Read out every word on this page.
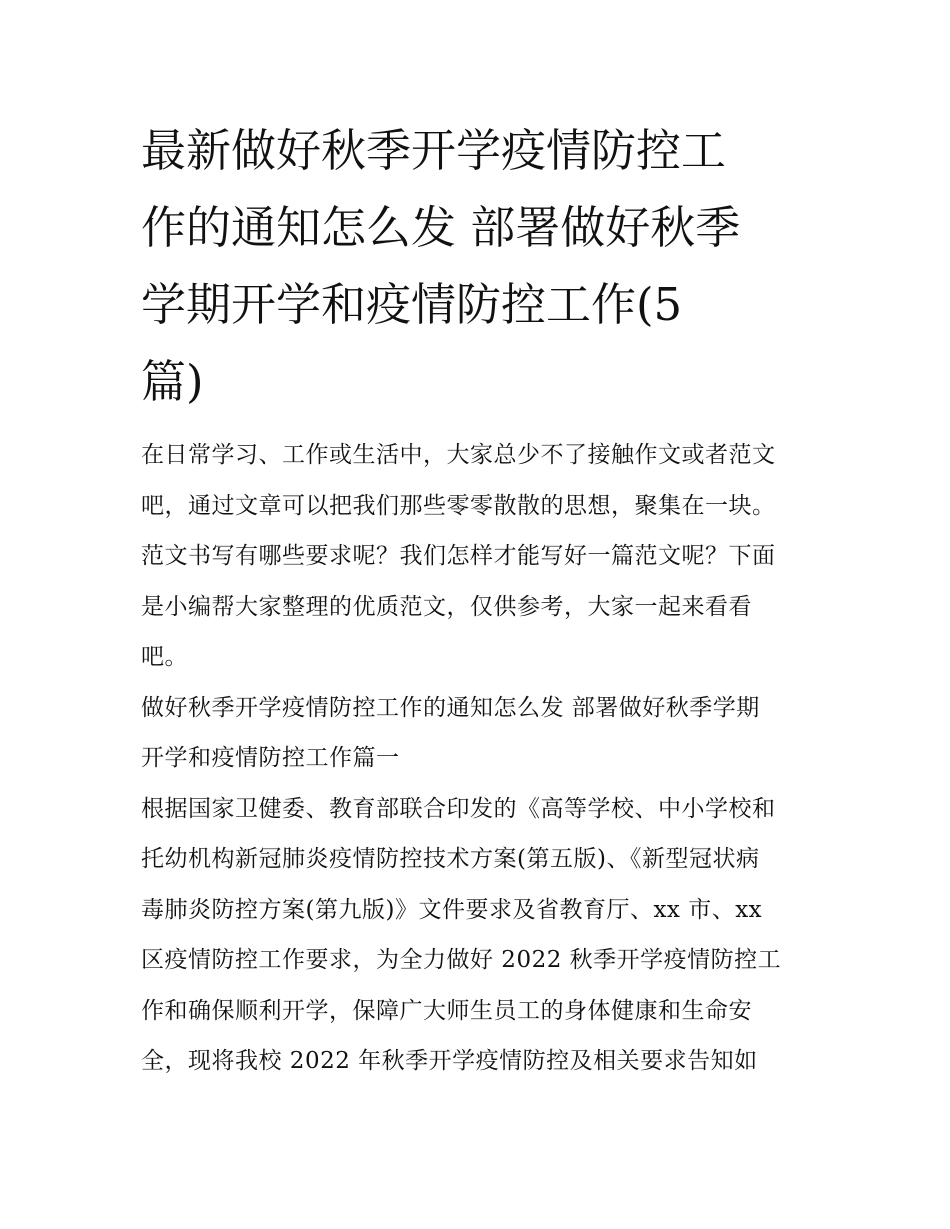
最新做好秋季开学疫情防控工
作的通知怎么发 部署做好秋季
学期开学和疫情防控工作(5
篇)

在日常学习、工作或生活中，大家总少不了接触作文或者范文
吧，通过文章可以把我们那些零零散散的思想，聚集在一块。
范文书写有哪些要求呢？我们怎样才能写好一篇范文呢？下面
是小编帮大家整理的优质范文，仅供参考，大家一起来看看
吧。

做好秋季开学疫情防控工作的通知怎么发 部署做好秋季学期
开学和疫情防控工作篇一

根据国家卫健委、教育部联合印发的《高等学校、中小学校和
托幼机构新冠肺炎疫情防控技术方案(第五版)、《新型冠状病
毒肺炎防控方案(第九版)》文件要求及省教育厅、xx 市、xx
区疫情防控工作要求，为全力做好 2022 秋季开学疫情防控工
作和确保顺利开学，保障广大师生员工的身体健康和生命安
全，现将我校 2022 年秋季开学疫情防控及相关要求告知如
